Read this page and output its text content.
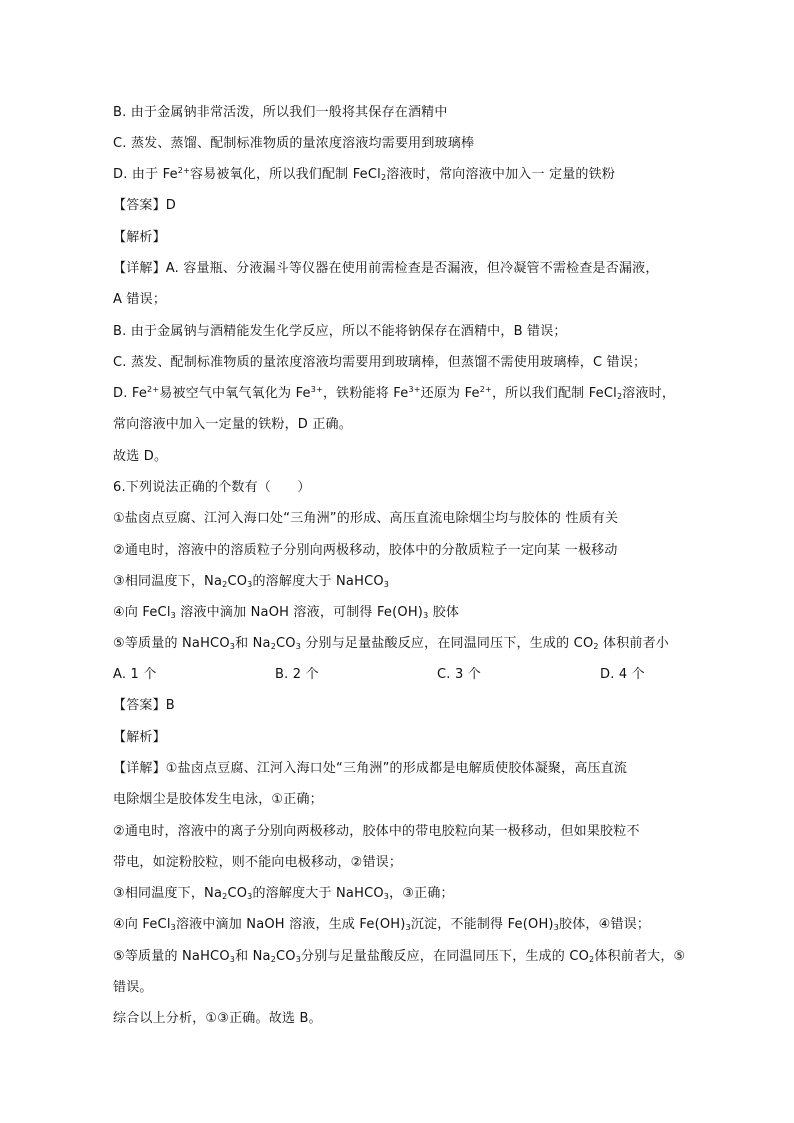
B. 由于金属钠非常活泼，所以我们一般将其保存在酒精中
C. 蒸发、蒸馏、配制标准物质的量浓度溶液均需要用到玻璃棒
D. 由于 $Fe^{2+}$容易被氧化，所以我们配制 FeCl$_2$溶液时，常向溶液中加入一 定量的铁粉
【答案】D
【解析】
【详解】A. 容量瓶、分液漏斗等仪器在使用前需检查是否漏液，但冷凝管不需检查是否漏液，
A 错误；
B. 由于金属钠与酒精能发生化学反应，所以不能将钠保存在酒精中，B 错误；
C. 蒸发、配制标准物质的量浓度溶液均需要用到玻璃棒，但蒸馏不需使用玻璃棒，C 错误；
D. $Fe^{2+}$易被空气中氧气氧化为 $Fe^{3+}$，铁粉能将 $Fe^{3+}$还原为 $Fe^{2+}$，所以我们配制 FeCl$_2$溶液时，
常向溶液中加入一定量的铁粉，D 正确。
故选 D。
6.下列说法正确的个数有（　　）
①盐卤点豆腐、江河入海口处“三角洲”的形成、高压直流电除烟尘均与胶体的 性质有关
②通电时，溶液中的溶质粒子分别向两极移动，胶体中的分散质粒子一定向某 一极移动
③相同温度下，$Na_2CO_3$的溶解度大于 NaHCO$_3$
④向 FeCl$_3$ 溶液中滴加 NaOH 溶液，可制得 $Fe(OH)_3$ 胶体
⑤等质量的 NaHCO$_3$和 $Na_2CO_3$ 分别与足量盐酸反应，在同温同压下，生成的 $CO_2$ 体积前者小
A. 1 个	B. 2 个	C. 3 个	D. 4 个
【答案】B
【解析】
【详解】①盐卤点豆腐、江河入海口处“三角洲”的形成都是电解质使胶体凝聚，高压直流
电除烟尘是胶体发生电泳，①正确；
②通电时，溶液中的离子分别向两极移动，胶体中的带电胶粒向某一极移动，但如果胶粒不
带电，如淀粉胶粒，则不能向电极移动，②错误；
③相同温度下，$Na_2CO_3$的溶解度大于 NaHCO$_3$，③正确；
④向 FeCl$_3$溶液中滴加 NaOH 溶液，生成 $Fe(OH)_3$沉淀，不能制得 $Fe(OH)_3$胶体，④错误；
⑤等质量的 NaHCO$_3$和 $Na_2CO_3$分别与足量盐酸反应，在同温同压下，生成的 $CO_2$体积前者大，⑤
错误。
综合以上分析，①③正确。故选 B。
